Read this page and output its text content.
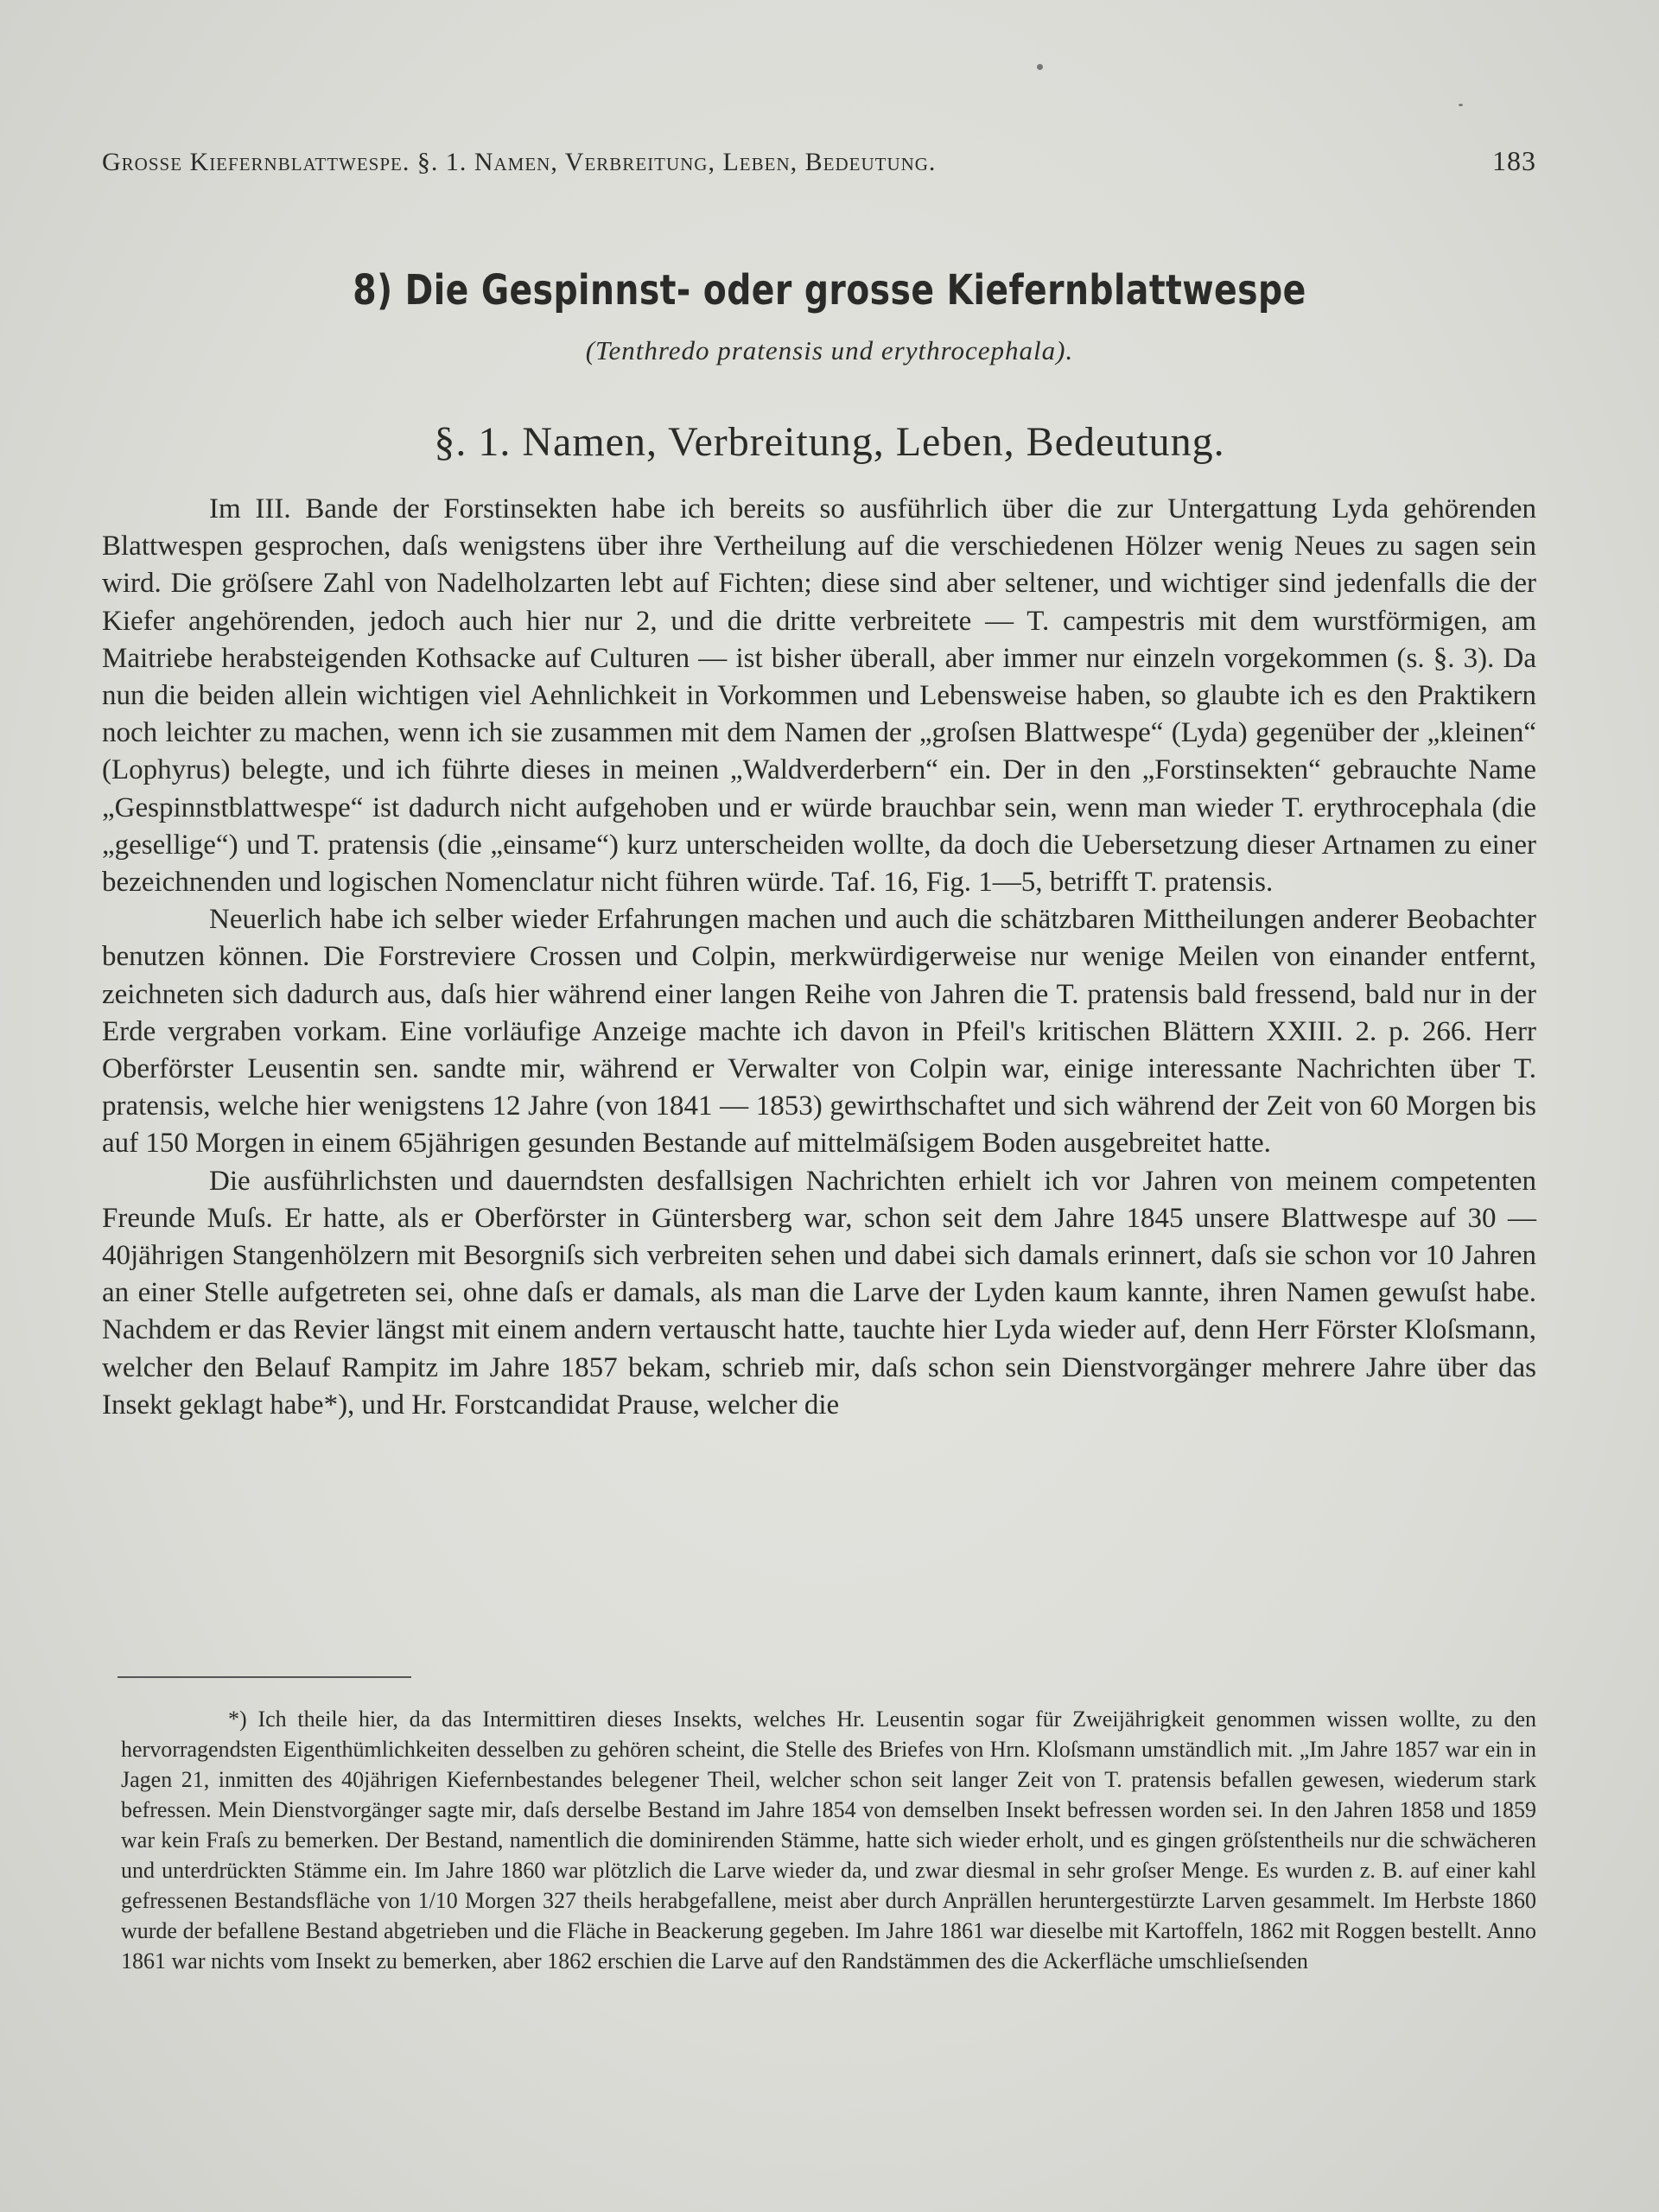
Grosse Kiefernblattwespe. §. 1. Namen, Verbreitung, Leben, Bedeutung.	183
8) Die Gespinnst- oder grosse Kiefernblattwespe
(Tenthredo pratensis und erythrocephala).
§. 1. Namen, Verbreitung, Leben, Bedeutung.

Im III. Bande der Forstinsekten habe ich bereits so ausführlich über die zur Untergattung Lyda gehörenden Blattwespen gesprochen, daſs wenigstens über ihre Vertheilung auf die verschiedenen Hölzer wenig Neues zu sagen sein wird. Die gröſsere Zahl von Nadelholzarten lebt auf Fichten; diese sind aber seltener, und wichtiger sind jedenfalls die der Kiefer angehörenden, jedoch auch hier nur 2, und die dritte verbreitete — T. campestris mit dem wurstförmigen, am Maitriebe herabsteigenden Kothsacke auf Culturen — ist bisher überall, aber immer nur einzeln vorgekommen (s. §. 3). Da nun die beiden allein wichtigen viel Aehnlichkeit in Vorkommen und Lebensweise haben, so glaubte ich es den Praktikern noch leichter zu machen, wenn ich sie zusammen mit dem Namen der „groſsen Blattwespe“ (Lyda) gegenüber der „kleinen“ (Lophyrus) belegte, und ich führte dieses in meinen „Waldverderbern“ ein. Der in den „Forstinsekten“ gebrauchte Name „Gespinnstblattwespe“ ist dadurch nicht aufgehoben und er würde brauchbar sein, wenn man wieder T. erythrocephala (die „gesellige“) und T. pratensis (die „einsame“) kurz unterscheiden wollte, da doch die Uebersetzung dieser Artnamen zu einer bezeichnenden und logischen Nomenclatur nicht führen würde. Taf. 16, Fig. 1—5, betrifft T. pratensis.

Neuerlich habe ich selber wieder Erfahrungen machen und auch die schätzbaren Mittheilungen anderer Beobachter benutzen können. Die Forstreviere Crossen und Colpin, merkwürdigerweise nur wenige Meilen von einander entfernt, zeichneten sich dadurch aus, daſs hier während einer langen Reihe von Jahren die T. pratensis bald fressend, bald nur in der Erde vergraben vorkam. Eine vorläufige Anzeige machte ich davon in Pfeil's kritischen Blättern XXIII. 2. p. 266. Herr Oberförster Leusentin sen. sandte mir, während er Verwalter von Colpin war, einige interessante Nachrichten über T. pratensis, welche hier wenigstens 12 Jahre (von 1841 — 1853) gewirthschaftet und sich während der Zeit von 60 Morgen bis auf 150 Morgen in einem 65jährigen gesunden Bestande auf mittelmäſsigem Boden ausgebreitet hatte.

Die ausführlichsten und dauerndsten desfallsigen Nachrichten erhielt ich vor Jahren von meinem competenten Freunde Muſs. Er hatte, als er Oberförster in Güntersberg war, schon seit dem Jahre 1845 unsere Blattwespe auf 30 — 40jährigen Stangenhölzern mit Besorgniſs sich verbreiten sehen und dabei sich damals erinnert, daſs sie schon vor 10 Jahren an einer Stelle aufgetreten sei, ohne daſs er damals, als man die Larve der Lyden kaum kannte, ihren Namen gewuſst habe. Nachdem er das Revier längst mit einem andern vertauscht hatte, tauchte hier Lyda wieder auf, denn Herr Förster Kloſsmann, welcher den Belauf Rampitz im Jahre 1857 bekam, schrieb mir, daſs schon sein Dienstvorgänger mehrere Jahre über das Insekt geklagt habe*), und Hr. Forstcandidat Prause, welcher die

*) Ich theile hier, da das Intermittiren dieses Insekts, welches Hr. Leusentin sogar für Zweijährigkeit genommen wissen wollte, zu den hervorragendsten Eigenthümlichkeiten desselben zu gehören scheint, die Stelle des Briefes von Hrn. Kloſsmann umständlich mit. „Im Jahre 1857 war ein in Jagen 21, inmitten des 40jährigen Kiefernbestandes belegener Theil, welcher schon seit langer Zeit von T. pratensis befallen gewesen, wiederum stark befressen. Mein Dienstvorgänger sagte mir, daſs derselbe Bestand im Jahre 1854 von demselben Insekt befressen worden sei. In den Jahren 1858 und 1859 war kein Fraſs zu bemerken. Der Bestand, namentlich die dominirenden Stämme, hatte sich wieder erholt, und es gingen gröſstentheils nur die schwächeren und unterdrückten Stämme ein. Im Jahre 1860 war plötzlich die Larve wieder da, und zwar diesmal in sehr groſser Menge. Es wurden z. B. auf einer kahl gefressenen Bestandsfläche von 1/10 Morgen 327 theils herabgefallene, meist aber durch Anprällen heruntergestürzte Larven gesammelt. Im Herbste 1860 wurde der befallene Bestand abgetrieben und die Fläche in Beackerung gegeben. Im Jahre 1861 war dieselbe mit Kartoffeln, 1862 mit Roggen bestellt. Anno 1861 war nichts vom Insekt zu bemerken, aber 1862 erschien die Larve auf den Randstämmen des die Ackerfläche umschlieſsenden
